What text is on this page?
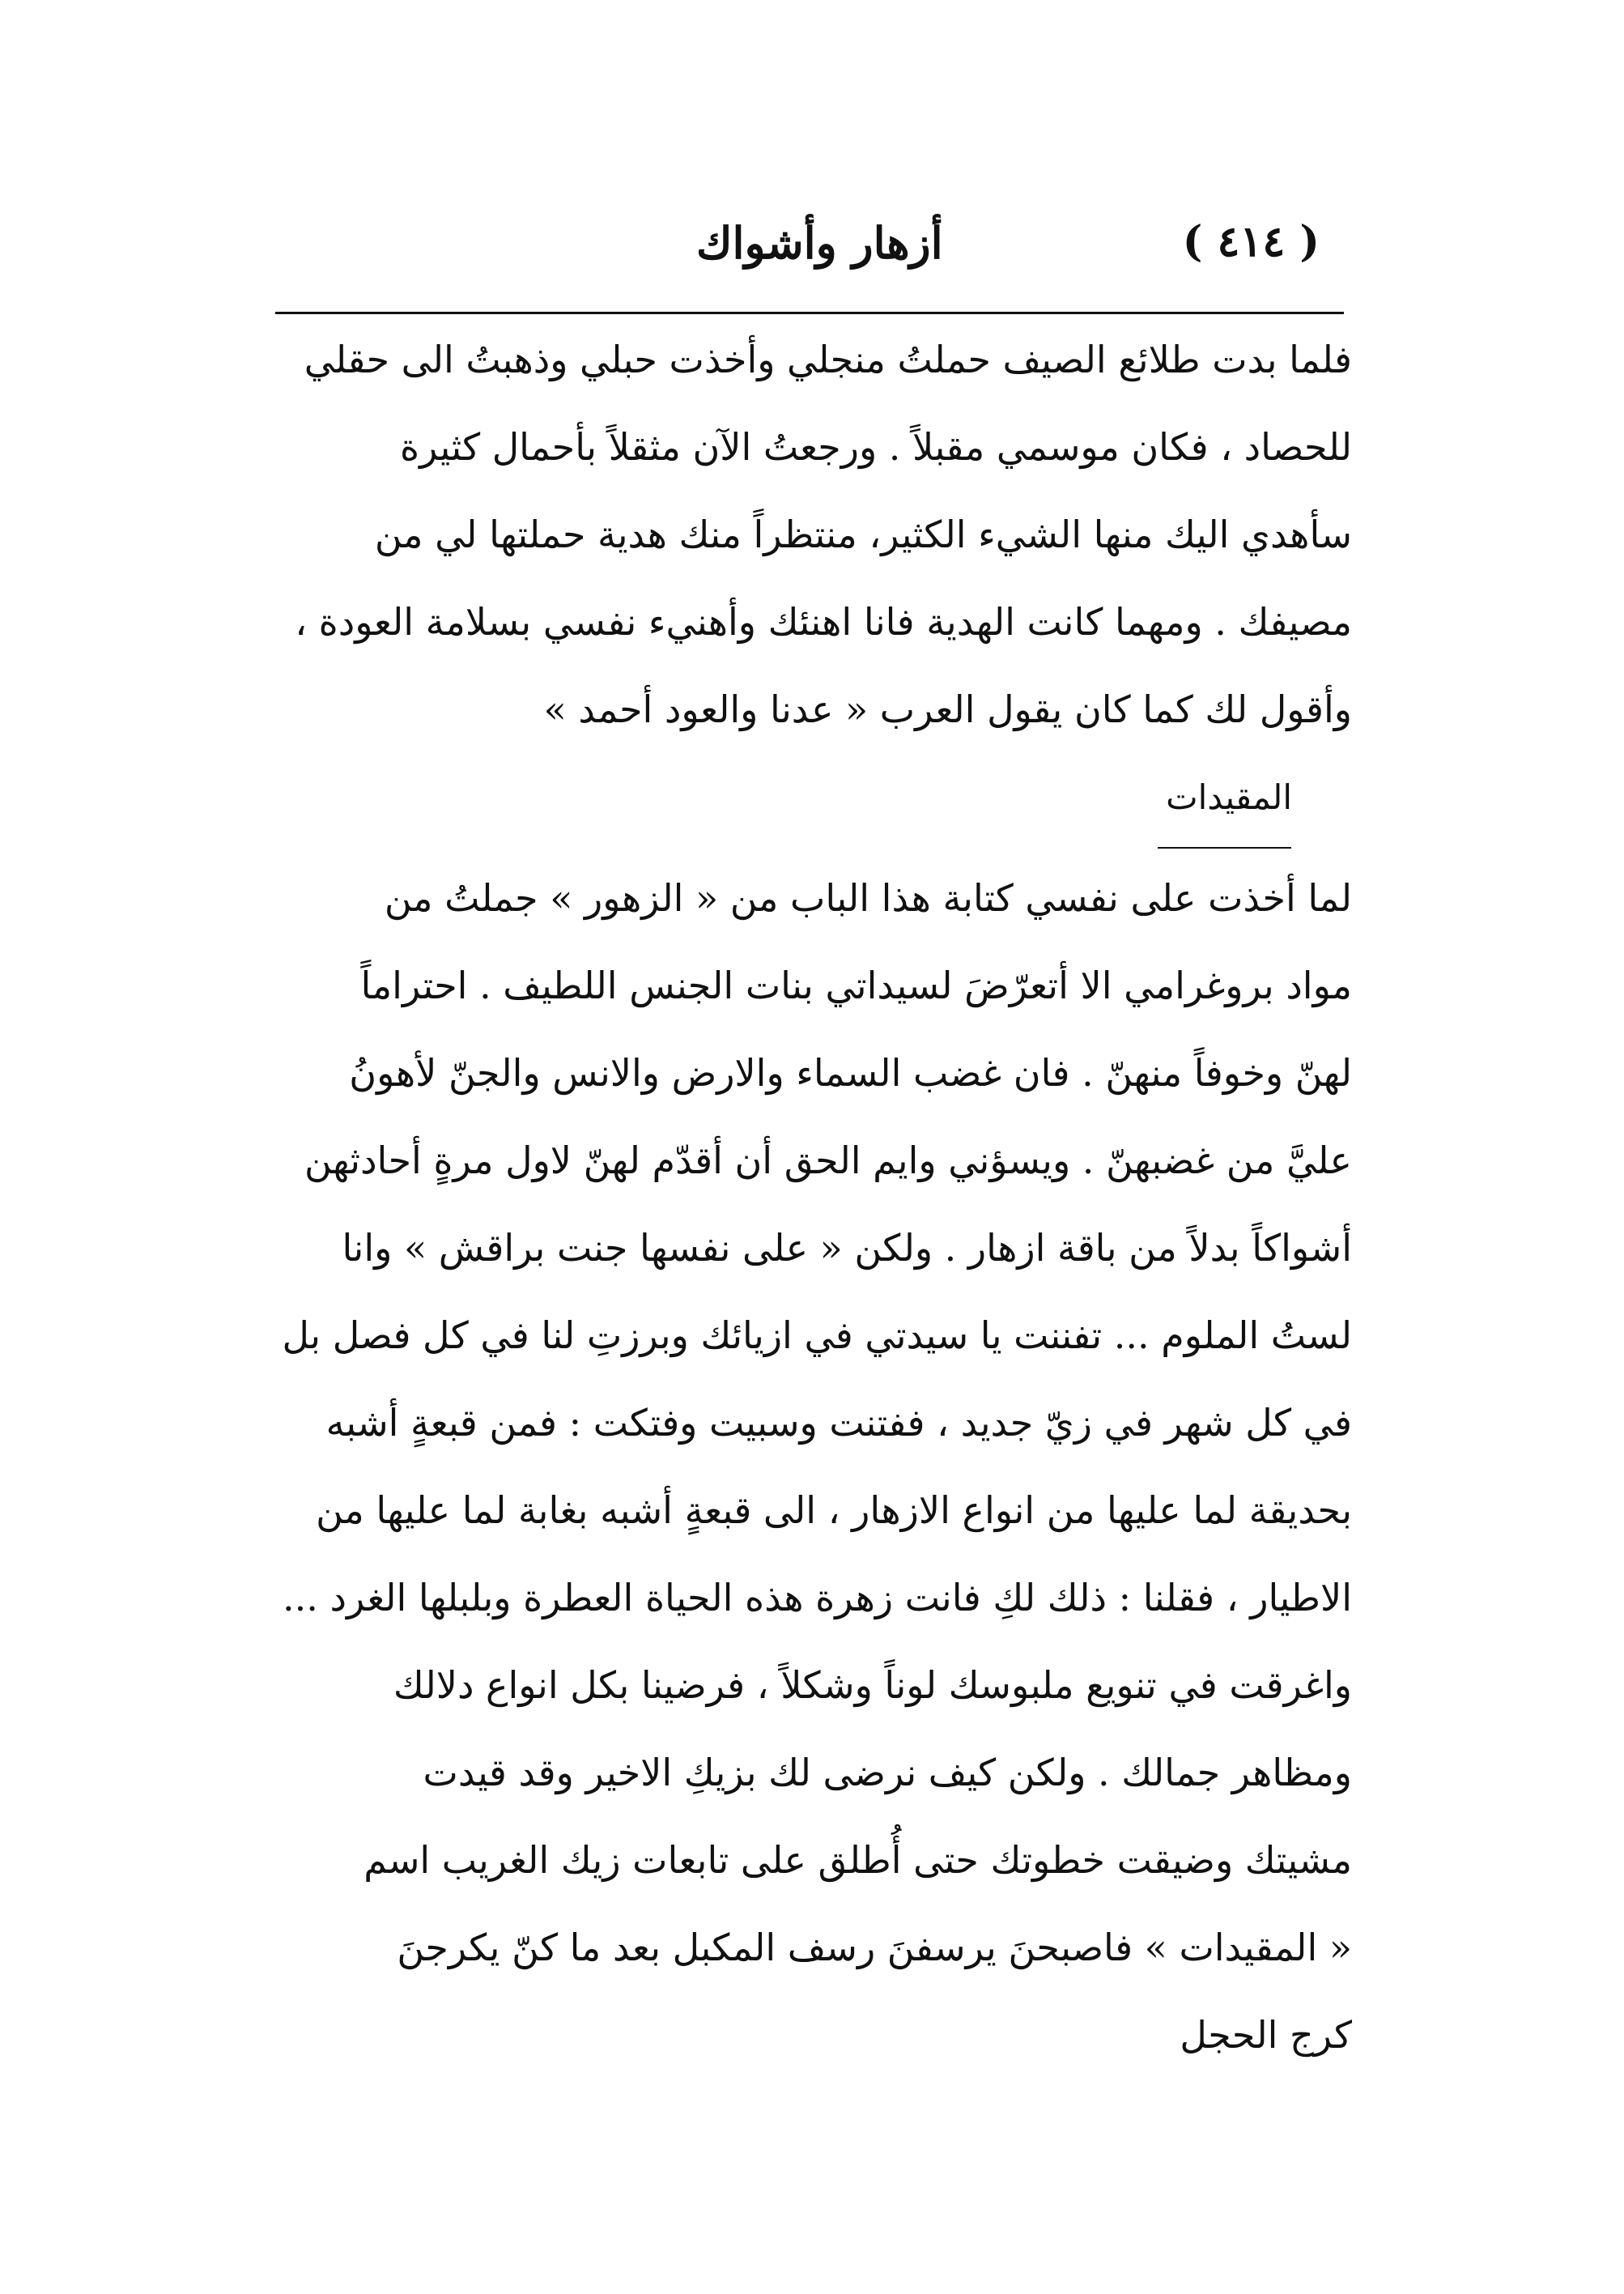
أزهار وأشواك	( ٤١٤ )
فلما بدت طلائع الصيف حملتُ منجلي وأخذت حبلي وذهبتُ الى حقلي
للحصاد ، فكان موسمي مقبلاً . ورجعتُ الآن مثقلاً بأحمال كثيرة
سأهدي اليك منها الشيء الكثير، منتظراً منك هدية حملتها لي من
مصيفك . ومهما كانت الهدية فانا اهنئك وأهنيء نفسي بسلامة العودة ،
وأقول لك كما كان يقول العرب « عدنا والعود أحمد »
المقيدات
لما أخذت على نفسي كتابة هذا الباب من « الزهور » جملتُ من
مواد بروغرامي الا أتعرّضَ لسيداتي بنات الجنس اللطيف . احتراماً
لهنّ وخوفاً منهنّ . فان غضب السماء والارض والانس والجنّ لأهونُ
عليَّ من غضبهنّ . ويسؤني وايم الحق أن أقدّم لهنّ لاول مرةٍ أحادثهن
أشواكاً بدلاً من باقة ازهار . ولكن « على نفسها جنت براقش » وانا
لستُ الملوم ... تفننت يا سيدتي في ازيائك وبرزتِ لنا في كل فصل بل
في كل شهر في زيّ جديد ، ففتنت وسبيت وفتكت : فمن قبعةٍ أشبه
بحديقة لما عليها من انواع الازهار ، الى قبعةٍ أشبه بغابة لما عليها من
الاطيار ، فقلنا : ذلك لكِ فانت زهرة هذه الحياة العطرة وبلبلها الغرد ...
واغرقت في تنويع ملبوسك لوناً وشكلاً ، فرضينا بكل انواع دلالك
ومظاهر جمالك . ولكن كيف نرضى لك بزيكِ الاخير وقد قيدت
مشيتك وضيقت خطوتك حتى أُطلق على تابعات زيك الغريب اسم
« المقيدات » فاصبحنَ يرسفنَ رسف المكبل بعد ما كنّ يكرجنَ
كرج الحجل
